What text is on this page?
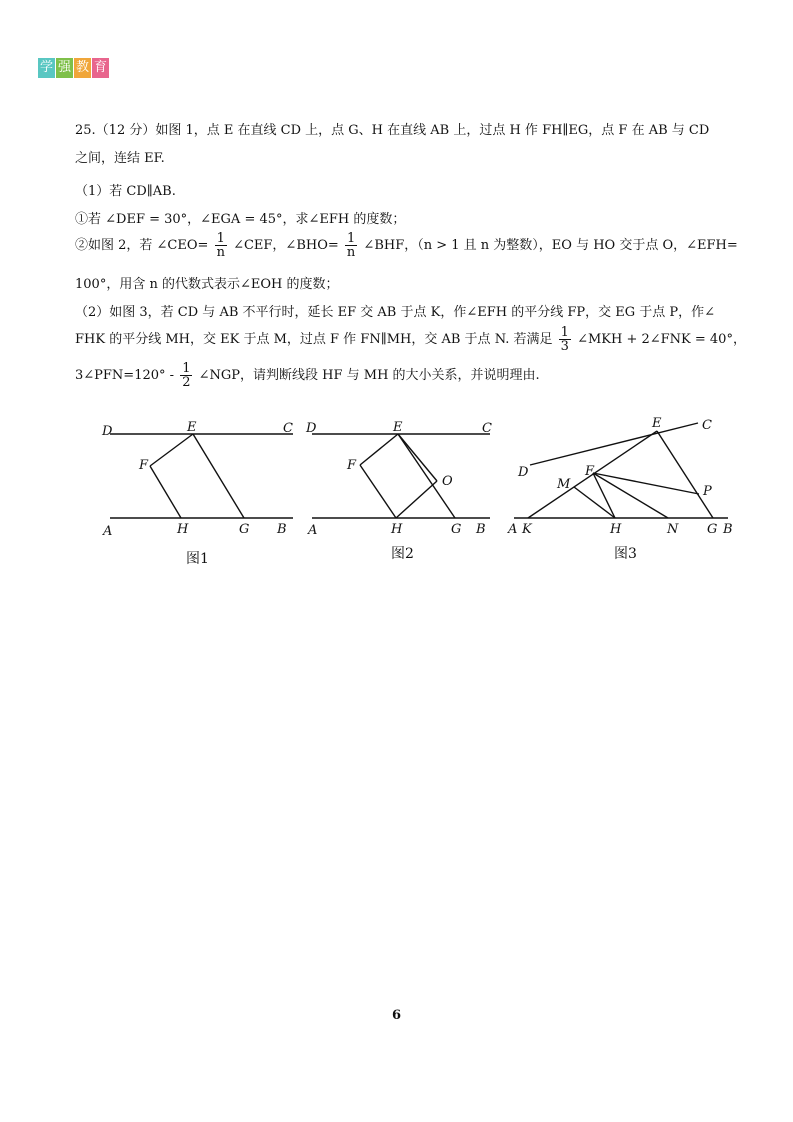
学 强 教 育
25.（12 分）如图 1，点 E 在直线 CD 上，点 G、H 在直线 AB 上，过点 H 作 FH∥EG，点 F 在 AB 与 CD
之间，连结 EF.
（1）若 CD∥AB.
①若 ∠DEF = 30°，∠EGA = 45°，求∠EFH 的度数；
②如图 2，若 ∠CEO= $\frac{1}{n}$ ∠CEF，∠BHO= $\frac{1}{n}$ ∠BHF，（n > 1 且 n 为整数），EO 与 HO 交于点 O，∠EFH=
100°，用含 n 的代数式表示∠EOH 的度数；
（2）如图 3，若 CD 与 AB 不平行时，延长 EF 交 AB 于点 K，作∠EFH 的平分线 FP，交 EG 于点 P，作∠
FHK 的平分线 MH，交 EK 于点 M，过点 F 作 FN∥MH，交 AB 于点 N. 若满足 $\frac{1}{3}$ ∠MKH + 2∠FNK = 40°，
3∠PFN=120° - $\frac{1}{2}$ ∠NGP，请判断线段 HF 与 MH 的大小关系，并说明理由.
D	E	C
F
A	H	G B
D	E	C
F
O
A	H	G B
D
E	C
F
M	P
A K	H	N G B
图1	图2	图3
6
